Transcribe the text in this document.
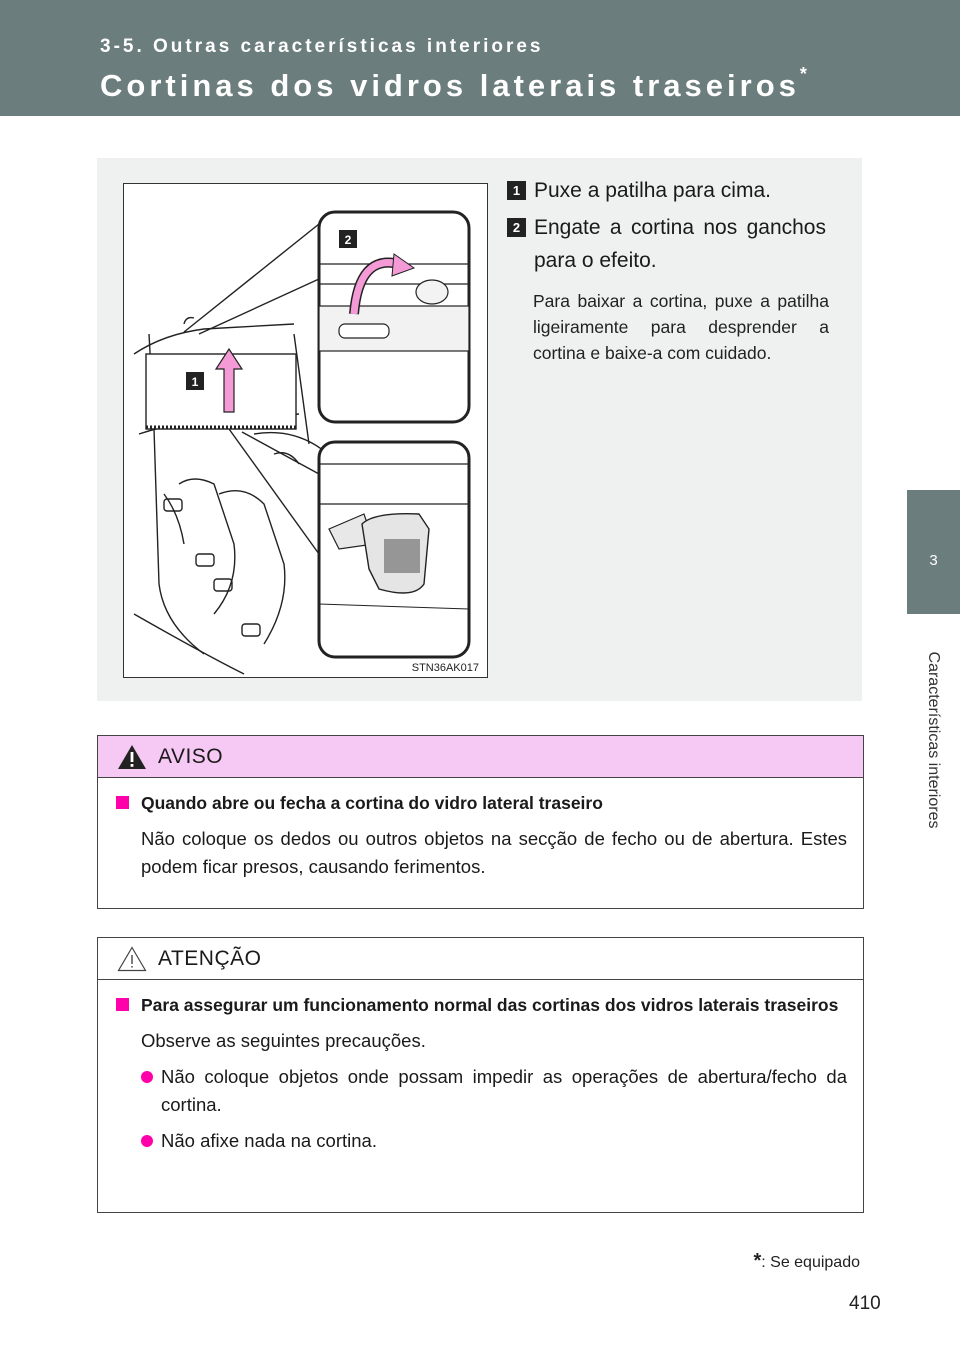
3-5. Outras características interiores
Cortinas dos vidros laterais traseiros*
3
Características interiores
1
2
STN36AK017
1 Puxe a patilha para cima.
2 Engate a cortina nos ganchos para o efeito.
Para baixar a cortina, puxe a patilha ligeiramente para desprender a cortina e baixe-a com cuidado.
AVISO
Quando abre ou fecha a cortina do vidro lateral traseiro
Não coloque os dedos ou outros objetos na secção de fecho ou de abertura. Estes podem ficar presos, causando ferimentos.
ATENÇÃO
Para assegurar um funcionamento normal das cortinas dos vidros laterais traseiros
Observe as seguintes precauções.
Não coloque objetos onde possam impedir as operações de abertura/fecho da cortina.
Não afixe nada na cortina.
*: Se equipado
410
